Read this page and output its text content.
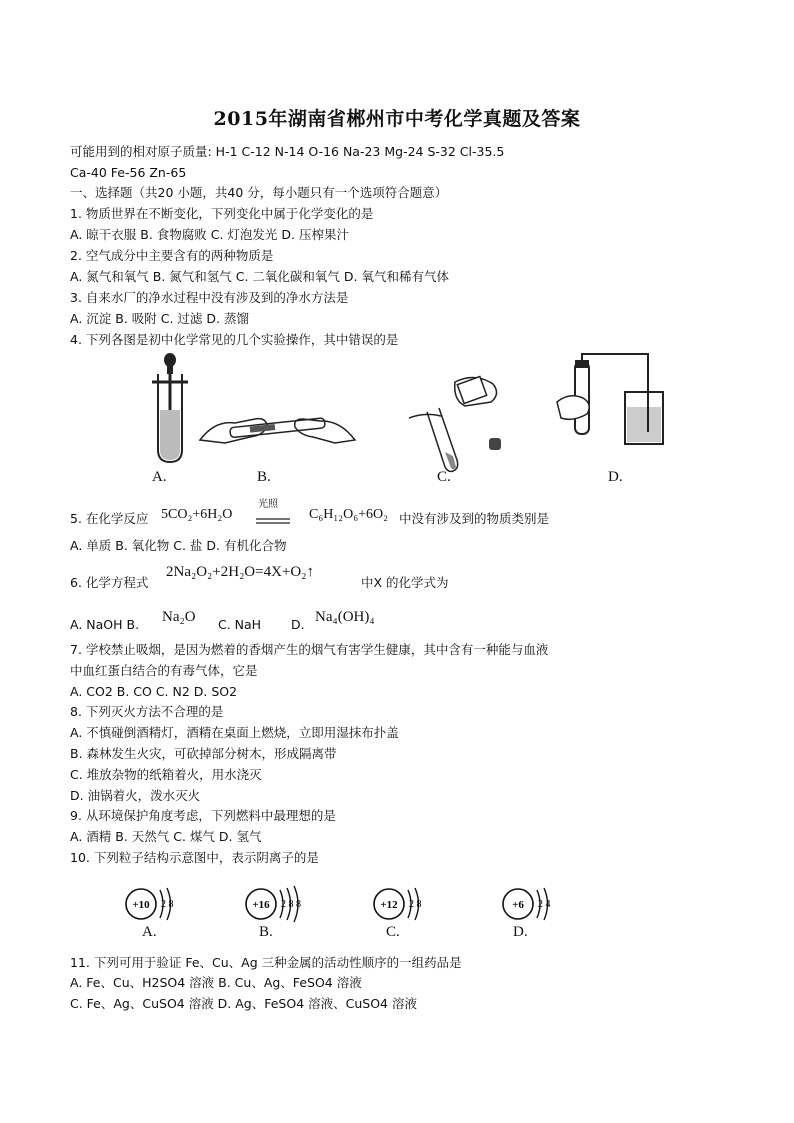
2015年湖南省郴州市中考化学真题及答案
可能用到的相对原子质量: H-1 C-12 N-14 O-16 Na-23 Mg-24 S-32 Cl-35.5
Ca-40 Fe-56 Zn-65
一、选择题（共20 小题，共40 分，每小题只有一个选项符合题意）
1. 物质世界在不断变化，下列变化中属于化学变化的是
A. 晾干衣服 B. 食物腐败 C. 灯泡发光 D. 压榨果汁
2. 空气成分中主要含有的两种物质是
A. 氮气和氧气 B. 氮气和氢气 C. 二氧化碳和氧气 D. 氧气和稀有气体
3. 自来水厂的净水过程中没有涉及到的净水方法是
A. 沉淀 B. 吸附 C. 过滤 D. 蒸馏
4. 下列各图是初中化学常见的几个实验操作，其中错误的是
A.	B.	C.	D.
5. 在化学反应 5CO₂+6H₂O
光照
C₆H₁₂O₆+6O₂ 中没有涉及到的物质类别是
A. 单质 B. 氧化物 C. 盐 D. 有机化合物
6. 化学方程式
2Na₂O₂+2H₂O=4X+O₂↑
中X 的化学式为
A. NaOH B. Na₂O C. NaH D. Na₄(OH)₄
7. 学校禁止吸烟，是因为燃着的香烟产生的烟气有害学生健康，其中含有一种能与血液
中血红蛋白结合的有毒气体，它是
A. CO2 B. CO C. N2 D. SO2
8. 下列灭火方法不合理的是
A. 不慎碰倒酒精灯，酒精在桌面上燃烧，立即用湿抹布扑盖
B. 森林发生火灾，可砍掉部分树木，形成隔离带
C. 堆放杂物的纸箱着火，用水浇灭
D. 油锅着火，泼水灭火
9. 从环境保护角度考虑，下列燃料中最理想的是
A. 酒精 B. 天然气 C. 煤气 D. 氢气
10. 下列粒子结构示意图中，表示阴离子的是
+10 2 8	+16 2 8 8	+12 2 8	+6 2 4
A.	B.	C.	D.
11. 下列可用于验证 Fe、Cu、Ag 三种金属的活动性顺序的一组药品是
A. Fe、Cu、H2SO4 溶液 B. Cu、Ag、FeSO4 溶液
C. Fe、Ag、CuSO4 溶液 D. Ag、FeSO4 溶液、CuSO4 溶液
